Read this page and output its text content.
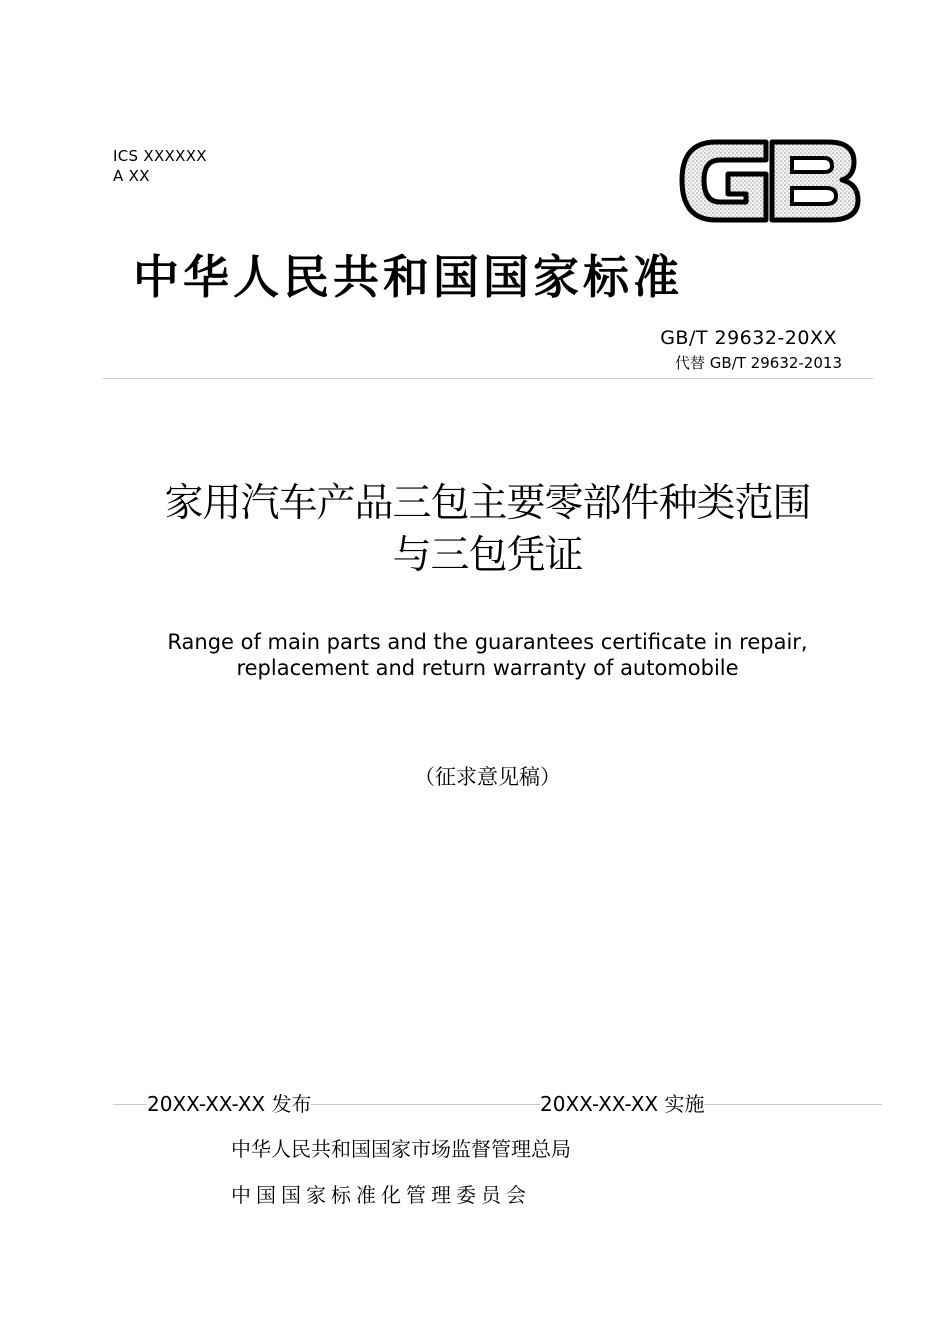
ICS XXXXXX
A XX
GB
中华人民共和国国家标准
GB/T 29632-20XX
代替 GB/T 29632-2013
家用汽车产品三包主要零部件种类范围
与三包凭证
Range of main parts and the guarantees certificate in repair,
replacement and return warranty of automobile
（征求意见稿）
20XX-XX-XX 发布	20XX-XX-XX 实施
中华人民共和国国家市场监督管理总局
中国国家标准化管理委员会
